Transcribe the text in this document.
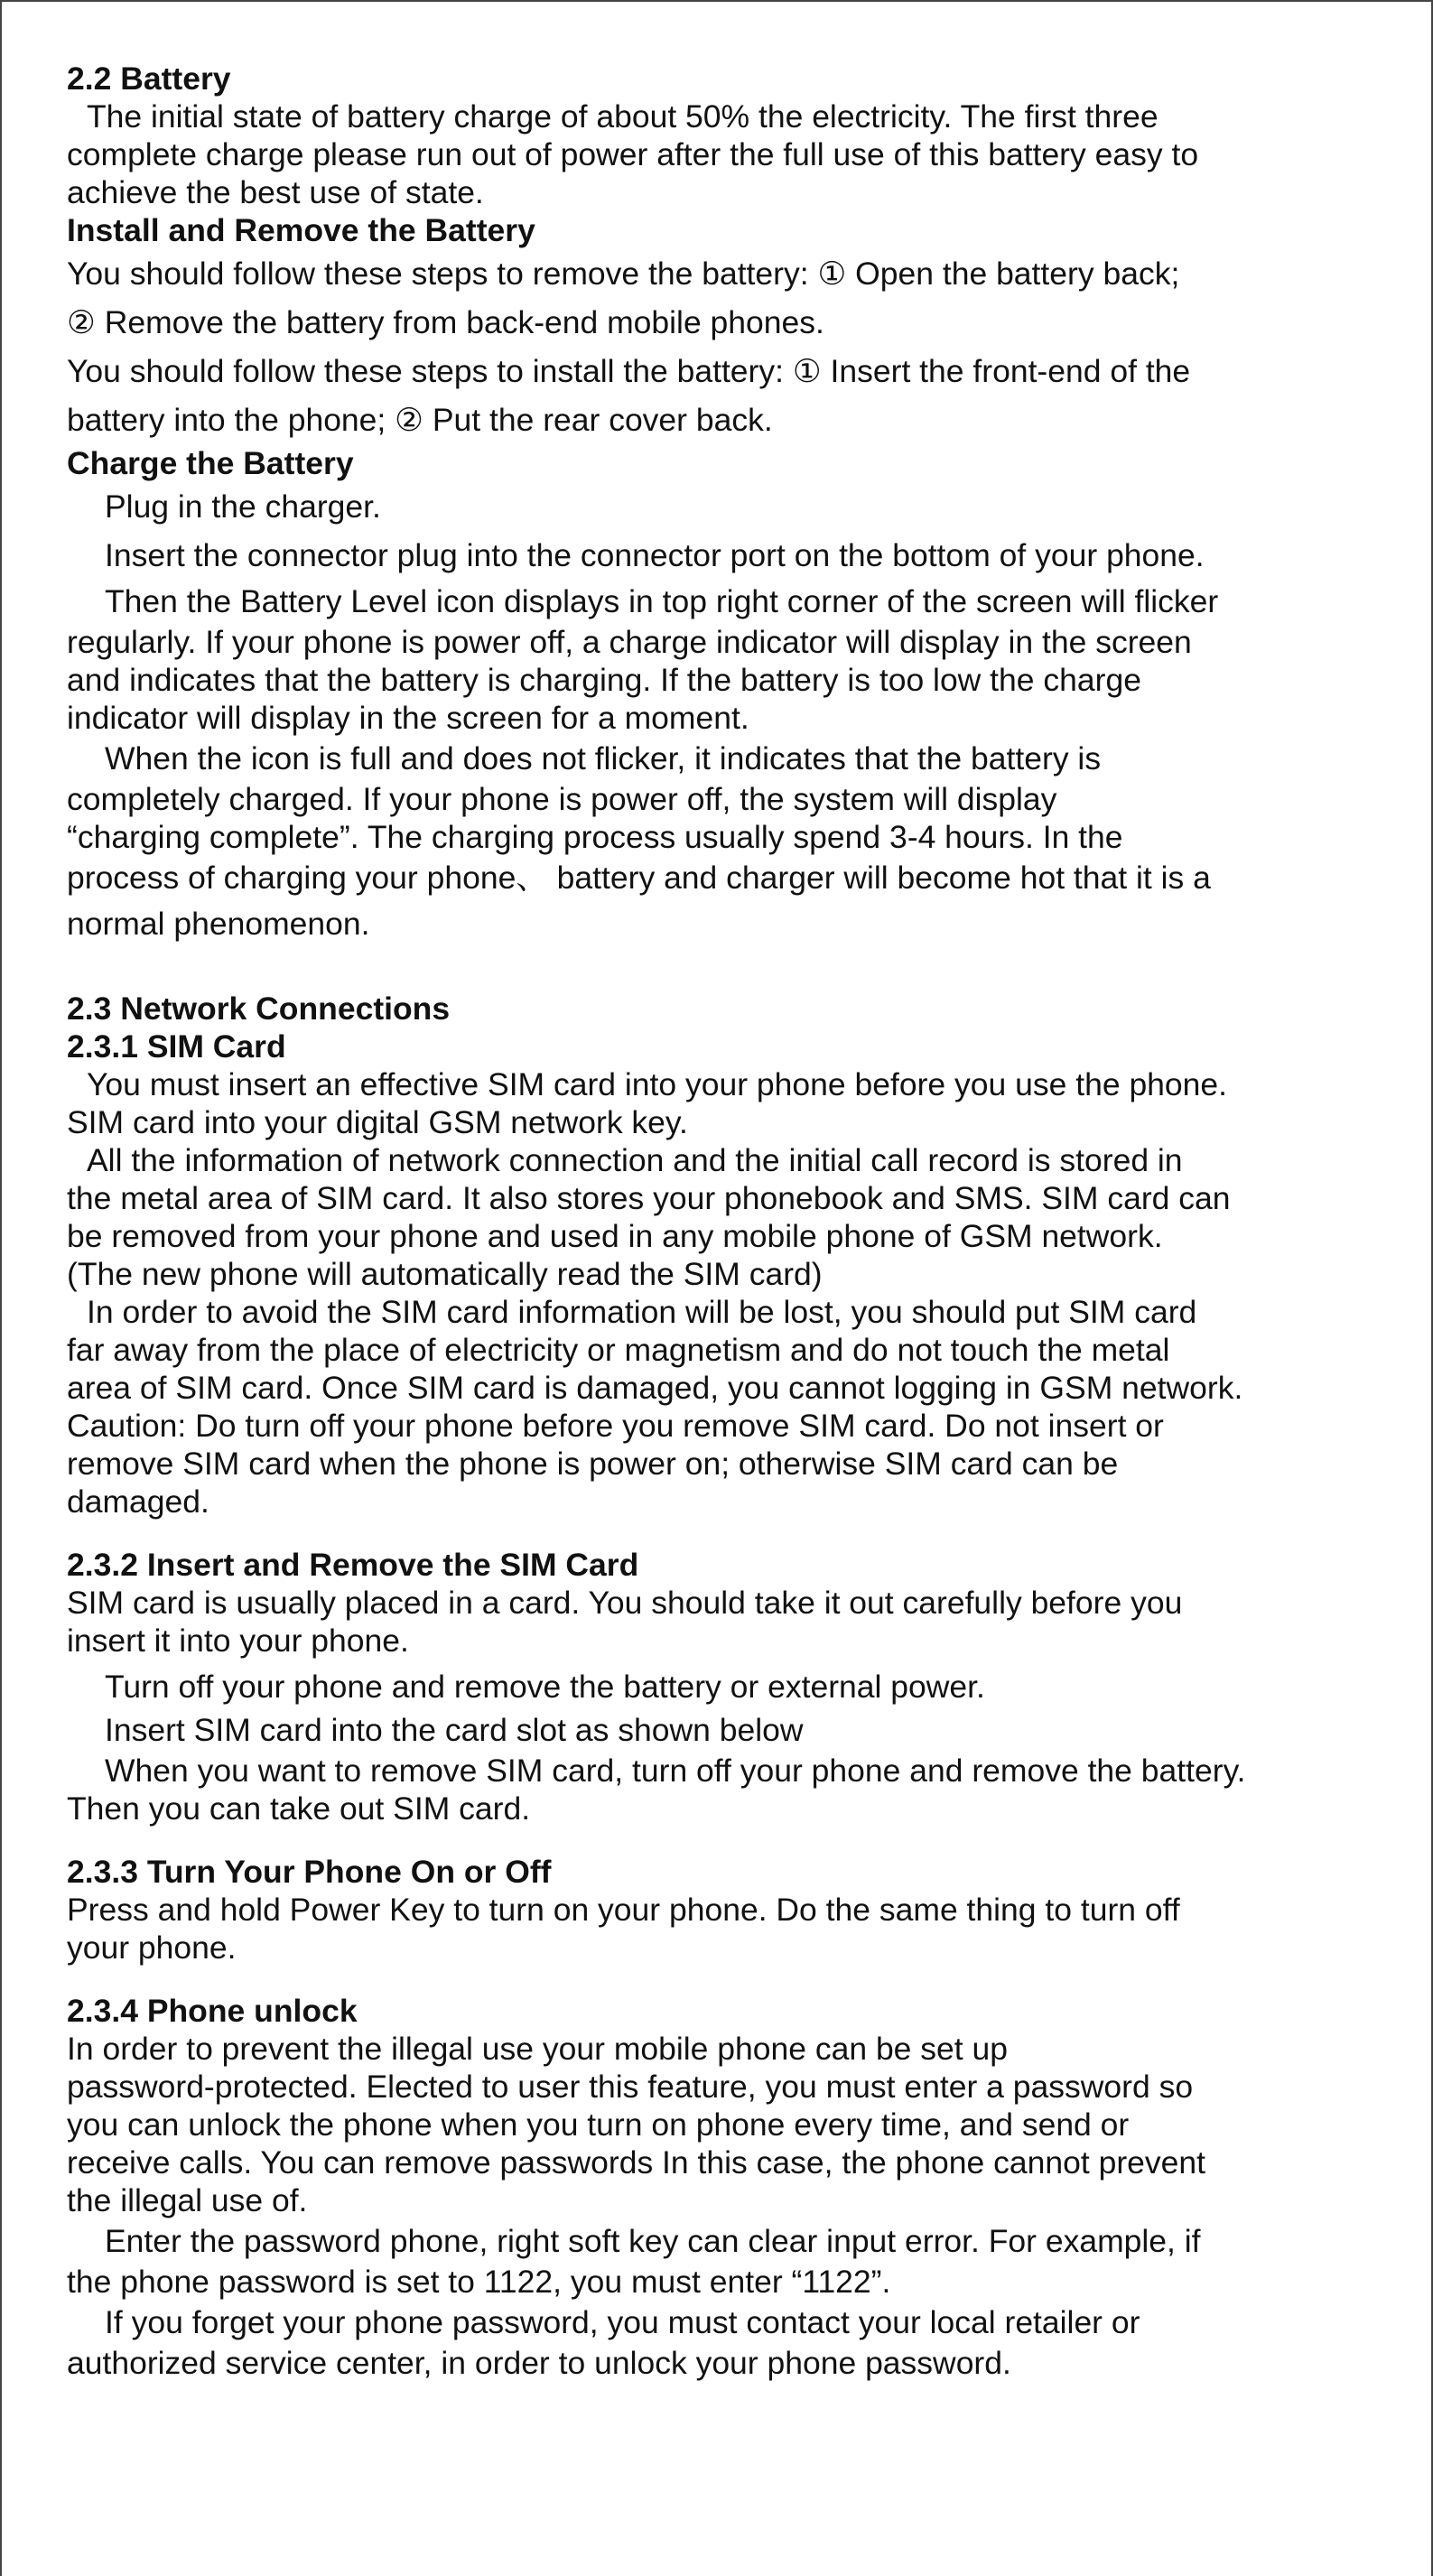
2.2 Battery

The initial state of battery charge of about 50% the electricity. The first three

complete charge please run out of power after the full use of this battery easy to

achieve the best use of state.

Install and Remove the Battery

You should follow these steps to remove the battery: ① Open the battery back;

② Remove the battery from back-end mobile phones.

You should follow these steps to install the battery: ① Insert the front-end of the

battery into the phone; ② Put the rear cover back.

Charge the Battery

Plug in the charger.

Insert the connector plug into the connector port on the bottom of your phone.

Then the Battery Level icon displays in top right corner of the screen will flicker

regularly. If your phone is power off, a charge indicator will display in the screen

and indicates that the battery is charging. If the battery is too low the charge

indicator will display in the screen for a moment.

When the icon is full and does not flicker, it indicates that the battery is

completely charged. If your phone is power off, the system will display

“charging complete”. The charging process usually spend 3-4 hours. In the

process of charging your phone、 battery and charger will become hot that it is a

normal phenomenon.

2.3 Network Connections

2.3.1 SIM Card

You must insert an effective SIM card into your phone before you use the phone.

SIM card into your digital GSM network key.

All the information of network connection and the initial call record is stored in

the metal area of SIM card. It also stores your phonebook and SMS. SIM card can

be removed from your phone and used in any mobile phone of GSM network.

(The new phone will automatically read the SIM card)

In order to avoid the SIM card information will be lost, you should put SIM card

far away from the place of electricity or magnetism and do not touch the metal

area of SIM card. Once SIM card is damaged, you cannot logging in GSM network.

Caution: Do turn off your phone before you remove SIM card. Do not insert or

remove SIM card when the phone is power on; otherwise SIM card can be

damaged.

2.3.2 Insert and Remove the SIM Card

SIM card is usually placed in a card. You should take it out carefully before you

insert it into your phone.

Turn off your phone and remove the battery or external power.

Insert SIM card into the card slot as shown below

When you want to remove SIM card, turn off your phone and remove the battery.

Then you can take out SIM card.

2.3.3 Turn Your Phone On or Off

Press and hold Power Key to turn on your phone. Do the same thing to turn off

your phone.

2.3.4 Phone unlock

In order to prevent the illegal use your mobile phone can be set up

password-protected. Elected to user this feature, you must enter a password so

you can unlock the phone when you turn on phone every time, and send or

receive calls. You can remove passwords In this case, the phone cannot prevent

the illegal use of.

Enter the password phone, right soft key can clear input error. For example, if

the phone password is set to 1122, you must enter “1122”.

If you forget your phone password, you must contact your local retailer or

authorized service center, in order to unlock your phone password.
